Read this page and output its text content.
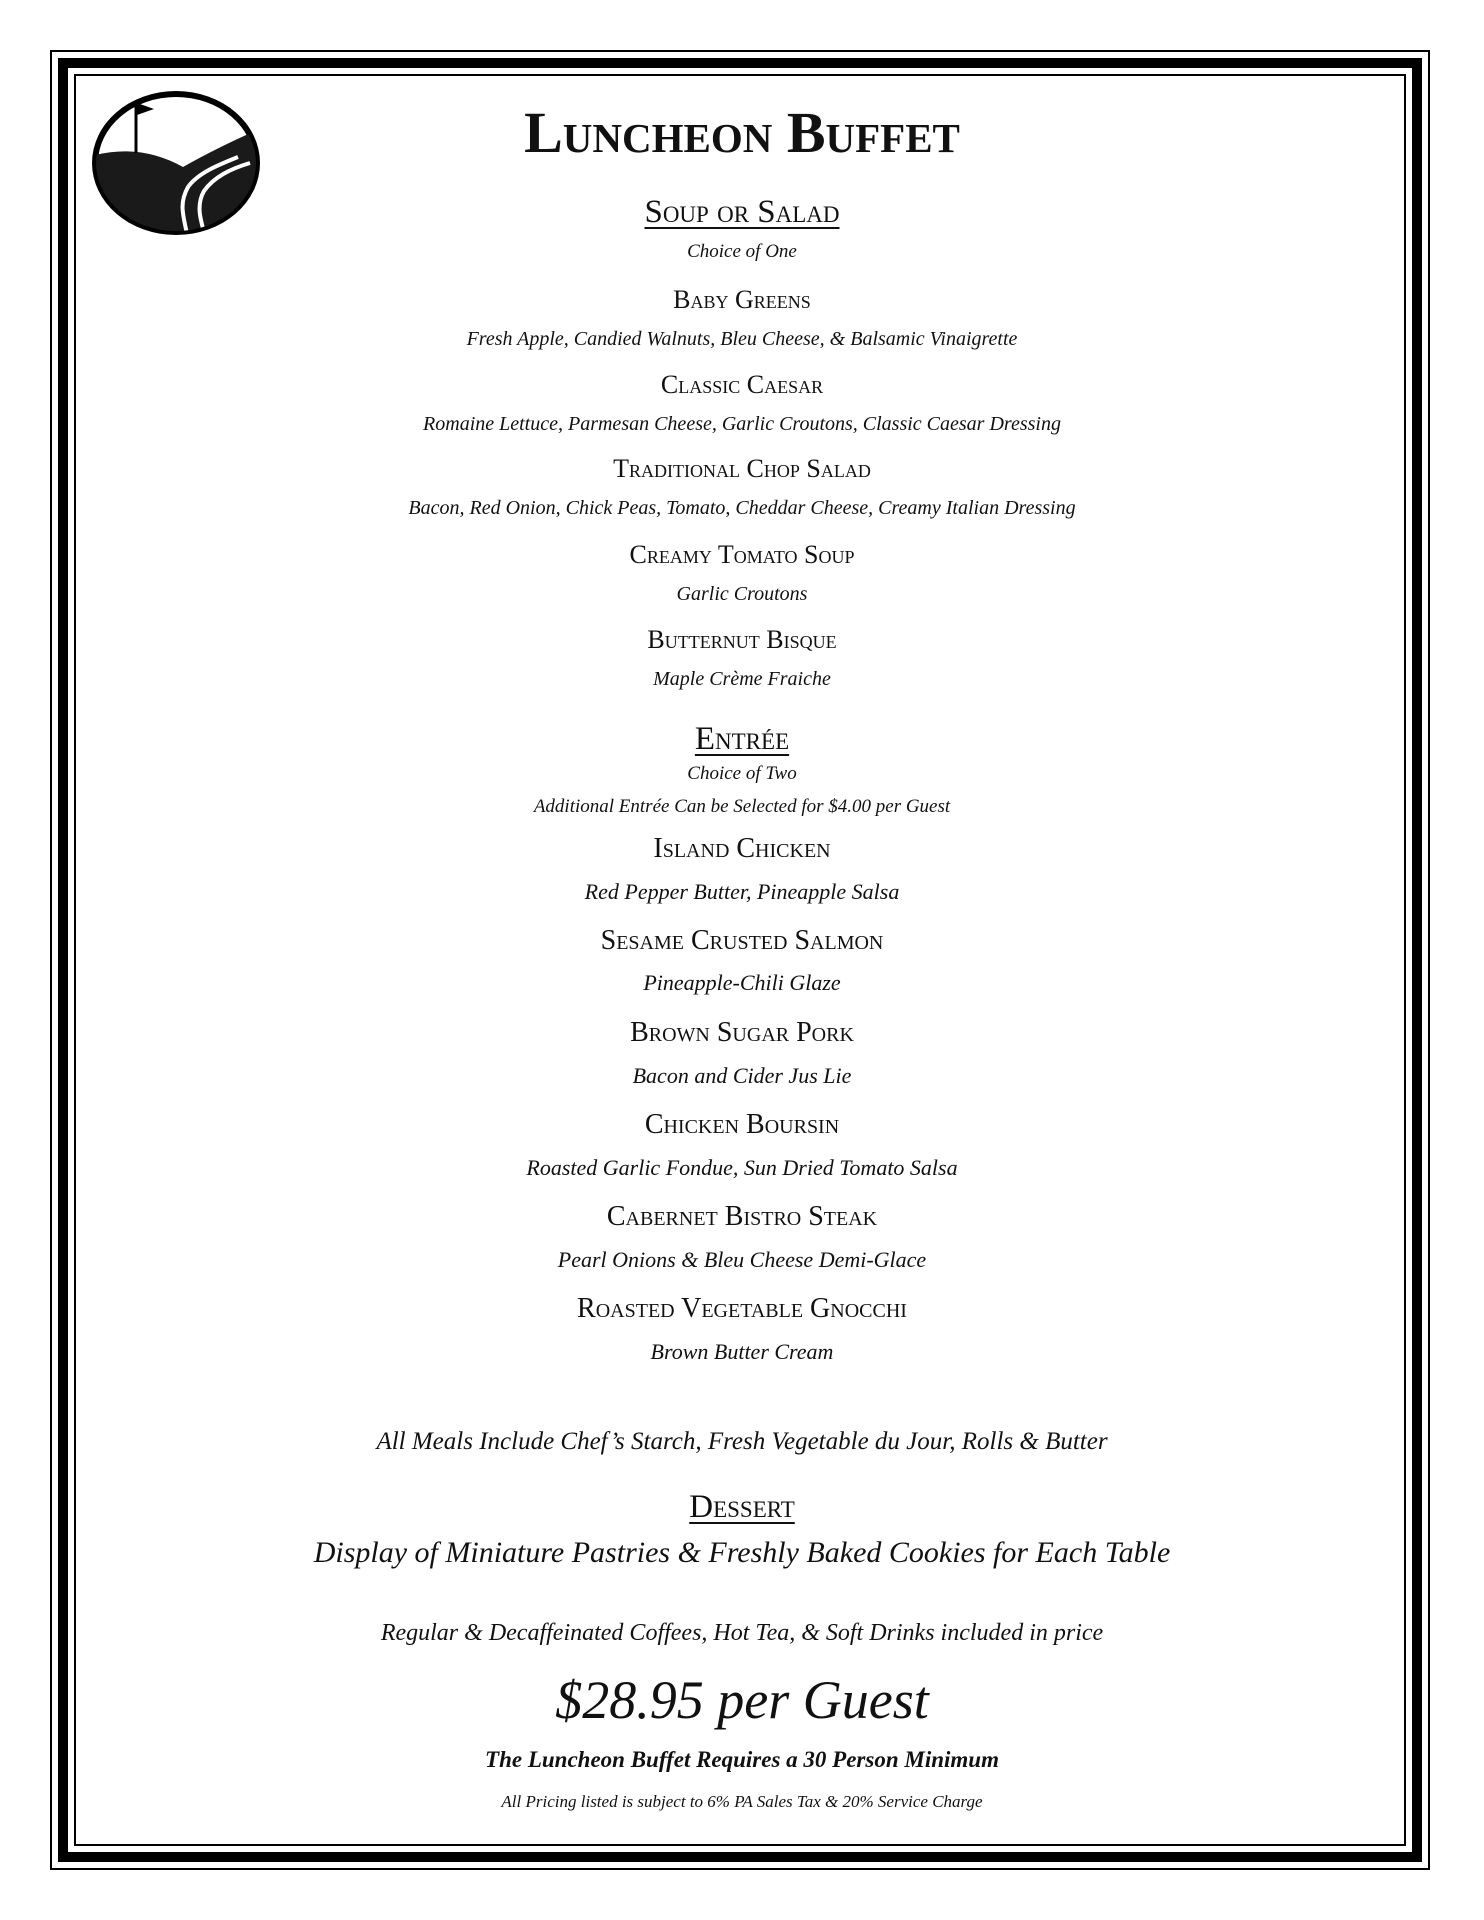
Luncheon Buffet
Soup or Salad
Choice of One
Baby Greens
Fresh Apple, Candied Walnuts, Bleu Cheese, & Balsamic Vinaigrette
Classic Caesar
Romaine Lettuce, Parmesan Cheese, Garlic Croutons, Classic Caesar Dressing
Traditional Chop Salad
Bacon, Red Onion, Chick Peas, Tomato, Cheddar Cheese, Creamy Italian Dressing
Creamy Tomato Soup
Garlic Croutons
Butternut Bisque
Maple Crème Fraiche
Entrée
Choice of Two
Additional Entrée Can be Selected for $4.00 per Guest
Island Chicken
Red Pepper Butter, Pineapple Salsa
Sesame Crusted Salmon
Pineapple-Chili Glaze
Brown Sugar Pork
Bacon and Cider Jus Lie
Chicken Boursin
Roasted Garlic Fondue, Sun Dried Tomato Salsa
Cabernet Bistro Steak
Pearl Onions & Bleu Cheese Demi-Glace
Roasted Vegetable Gnocchi
Brown Butter Cream
All Meals Include Chef’s Starch, Fresh Vegetable du Jour, Rolls & Butter
Dessert
Display of Miniature Pastries & Freshly Baked Cookies for Each Table
Regular & Decaffeinated Coffees, Hot Tea, & Soft Drinks included in price
$28.95 per Guest
The Luncheon Buffet Requires a 30 Person Minimum
All Pricing listed is subject to 6% PA Sales Tax & 20% Service Charge
